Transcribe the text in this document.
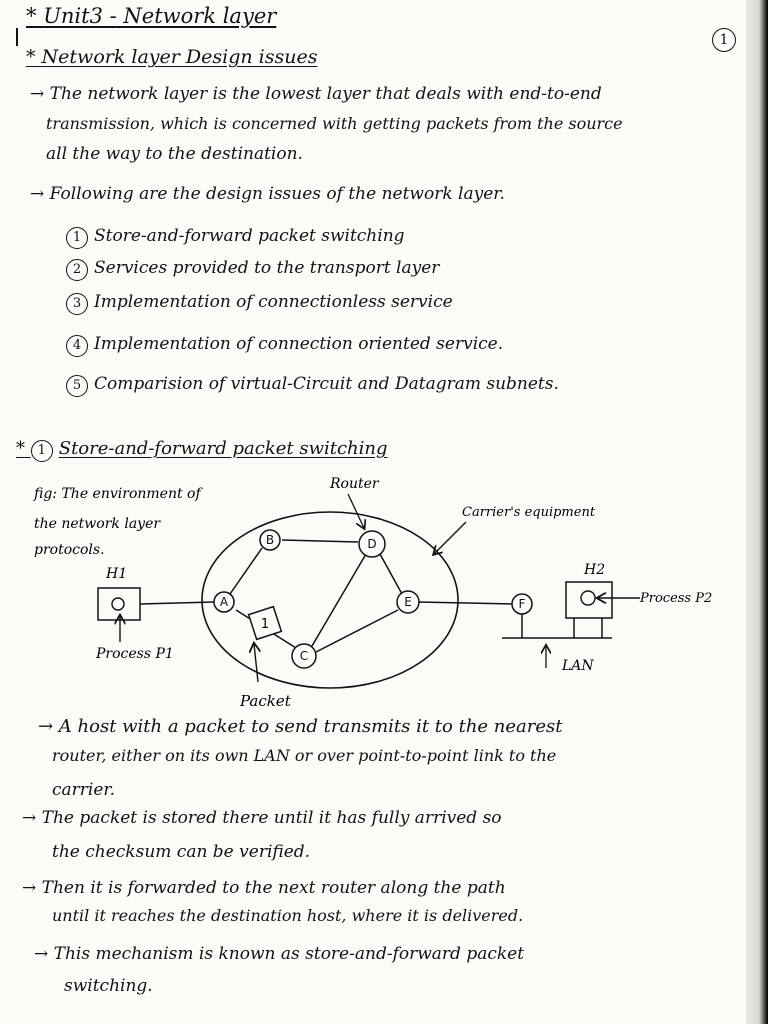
* Unit3 - Network layer
1
* Network layer Design issues
→ The network layer is the lowest layer that deals with end-to-end
transmission, which is concerned with getting packets from the source
all the way to the destination.
→ Following are the design issues of the network layer.
1 Store-and-forward packet switching
2 Services provided to the transport layer
3 Implementation of connectionless service
4 Implementation of connection oriented service.
5 Comparision of virtual-Circuit and Datagram subnets.
* 1 Store-and-forward packet switching
fig: The environment of
the network layer
protocols.
A
B
C
D
E	F
1
Packet
H1
Process P1
Router
Carrier's equipment
H2
Process P2
LAN
→ A host with a packet to send transmits it to the nearest
router, either on its own LAN or over point-to-point link to the
carrier.
→ The packet is stored there until it has fully arrived so
the checksum can be verified.
→ Then it is forwarded to the next router along the path
until it reaches the destination host, where it is delivered.
→ This mechanism is known as store-and-forward packet
switching.
